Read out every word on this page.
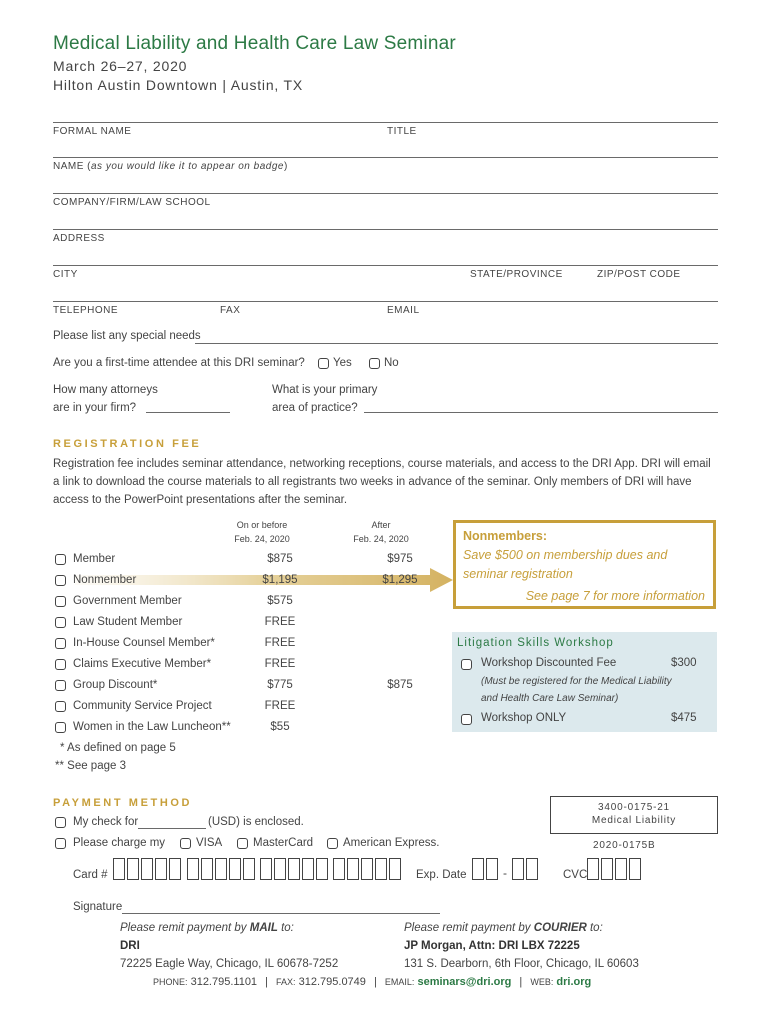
Medical Liability and Health Care Law Seminar
March 26–27, 2020
Hilton Austin Downtown | Austin, TX
FORMAL NAME	TITLE
NAME (as you would like it to appear on badge)
COMPANY/FIRM/LAW SCHOOL
ADDRESS
CITY	STATE/PROVINCE	ZIP/POST CODE
TELEPHONE	FAX	EMAIL
Please list any special needs
Are you a first-time attendee at this DRI seminar? Yes	No
How many attorneys
are in your firm?
What is your primary
area of practice?
REGISTRATION FEE
Registration fee includes seminar attendance, networking receptions, course materials, and access to the DRI App. DRI will email a link to download the course materials to all registrants two weeks in advance of the seminar. Only members of DRI will have access to the PowerPoint presentations after the seminar.
On or before
Feb. 24, 2020
After
Feb. 24, 2020
Member	$875	$975
Nonmember	$1,195	$1,295
Government Member	$575
Law Student Member	FREE
In-House Counsel Member*	FREE
Claims Executive Member*	FREE
Group Discount*	$775	$875
Community Service Project	FREE
Women in the Law Luncheon**	$55
* As defined on page 5
** See page 3
Nonmembers:
Save $500 on membership dues and
seminar registration
See page 7 for more information
Litigation Skills Workshop
Workshop Discounted Fee	$300
(Must be registered for the Medical Liability
and Health Care Law Seminar)
Workshop ONLY	$475
PAYMENT METHOD	3400-0175-21
Medical Liability
2020-0175B
My check for	(USD) is enclosed.
Please charge my	VISA	MasterCard	American Express.
Card #	Exp. Date	-	CVC
Signature
Please remit payment by MAIL to:
DRI
72225 Eagle Way, Chicago, IL 60678-7252
Please remit payment by COURIER to:
JP Morgan, Attn: DRI LBX 72225
131 S. Dearborn, 6th Floor, Chicago, IL 60603
PHONE: 312.795.1101 | FAX: 312.795.0749 | EMAIL: seminars@dri.org | WEB: dri.org
